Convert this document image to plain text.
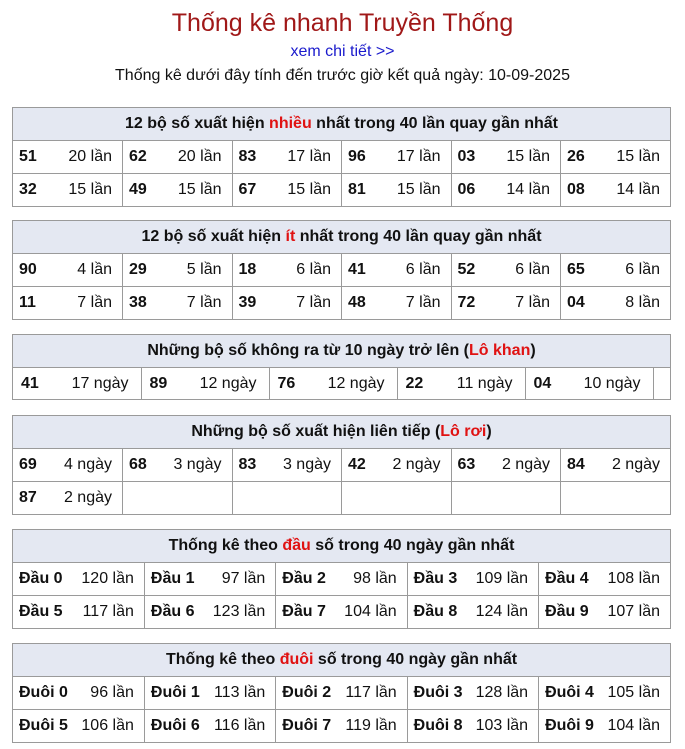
Thống kê nhanh Truyền Thống
xem chi tiết >>
Thống kê dưới đây tính đến trước giờ kết quả ngày: 10-09-2025
12 bộ số xuất hiện nhiều nhất trong 40 lần quay gần nhất
51 20 lần	62 20 lần	83 17 lần	96 17 lần	03 15 lần	26 15 lần

32 15 lần	49 15 lần	67 15 lần	81 15 lần	06 14 lần	08 14 lần
12 bộ số xuất hiện ít nhất trong 40 lần quay gần nhất
90 4 lần	29 5 lần	18 6 lần	41 6 lần	52 6 lần	65 6 lần

11 7 lần	38 7 lần	39 7 lần	48 7 lần	72 7 lần	04 8 lần
Những bộ số không ra từ 10 ngày trở lên (Lô khan)
41 17 ngày	89 12 ngày	76 12 ngày	22 11 ngày	04 10 ngày

Những bộ số xuất hiện liên tiếp (Lô rơi)
69 4 ngày	68 3 ngày	83 3 ngày	42 2 ngày	63 2 ngày	84 2 ngày

87 2 ngày					

Thống kê theo đầu số trong 40 ngày gần nhất
Đầu 0 120 lần	Đầu 1 97 lần	Đầu 2 98 lần	Đầu 3 109 lần	Đầu 4 108 lần

Đầu 5 117 lần	Đầu 6 123 lần	Đầu 7 104 lần	Đầu 8 124 lần	Đầu 9 107 lần
Thống kê theo đuôi số trong 40 ngày gần nhất
Đuôi 0 96 lần	Đuôi 1 113 lần	Đuôi 2 117 lần	Đuôi 3 128 lần	Đuôi 4 105 lần

Đuôi 5 106 lần	Đuôi 6 116 lần	Đuôi 7 119 lần	Đuôi 8 103 lần	Đuôi 9 104 lần
